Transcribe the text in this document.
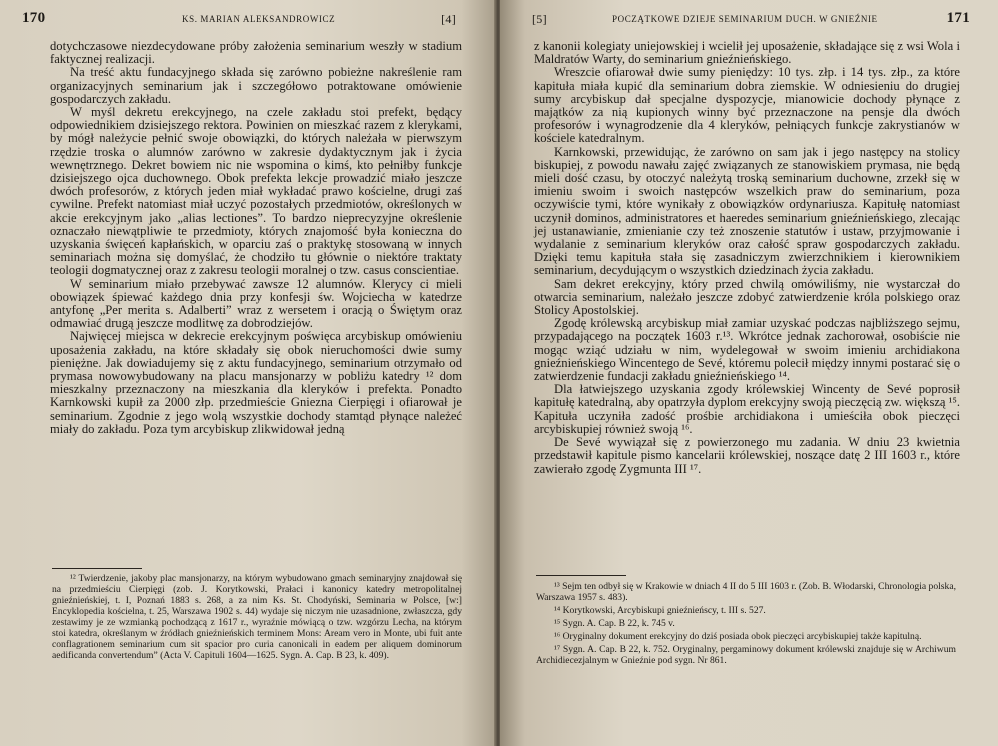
170	KS. MARIAN ALEKSANDROWICZ	[4]

dotychczasowe niezdecydowane próby założenia seminarium weszły w stadium faktycznej realizacji.

Na treść aktu fundacyjnego składa się zarówno pobieżne nakreślenie ram organizacyjnych seminarium jak i szczegółowo potraktowane omówienie gospodarczych zakładu.

W myśl dekretu erekcyjnego, na czele zakładu stoi prefekt, będący odpowiednikiem dzisiejszego rektora. Powinien on mieszkać razem z klerykami, by mógł należycie pełnić swoje obowiązki, do których należała w pierwszym rzędzie troska o alumnów zarówno w zakresie dydaktycznym jak i życia wewnętrznego. Dekret bowiem nic nie wspomina o kimś, kto pełniłby funkcje dzisiejszego ojca duchownego. Obok prefekta lekcje prowadzić miało jeszcze dwóch profesorów, z których jeden miał wykładać prawo kościelne, drugi zaś cywilne. Prefekt natomiast miał uczyć pozostałych przedmiotów, określonych w akcie erekcyjnym jako „alias lectiones”. To bardzo nieprecyzyjne określenie oznaczało niewątpliwie te przedmioty, których znajomość była konieczna do uzyskania święceń kapłańskich, w oparciu zaś o praktykę stosowaną w innych seminariach można się domyślać, że chodziło tu głównie o niektóre traktaty teologii dogmatycznej oraz z zakresu teologii moralnej o tzw. casus conscientiae.

W seminarium miało przebywać zawsze 12 alumnów. Klerycy ci mieli obowiązek śpiewać każdego dnia przy konfesji św. Wojciecha w katedrze antyfonę „Per merita s. Adalberti” wraz z wersetem i oracją o Świętym oraz odmawiać drugą jeszcze modlitwę za dobrodziejów.

Najwięcej miejsca w dekrecie erekcyjnym poświęca arcybiskup omówieniu uposażenia zakładu, na które składały się obok nieruchomości dwie sumy pieniężne. Jak dowiadujemy się z aktu fundacyjnego, seminarium otrzymało od prymasa nowowybudowany na placu mansjonarzy w pobliżu katedry ¹² dom mieszkalny przeznaczony na mieszkania dla kleryków i prefekta. Ponadto Karnkowski kupił za 2000 złp. przedmieście Gniezna Cierpięgi i ofiarował je seminarium. Zgodnie z jego wolą wszystkie dochody stamtąd płynące należeć miały do zakładu. Poza tym arcybiskup zlikwidował jedną

¹² Twierdzenie, jakoby plac mansjonarzy, na którym wybudowano gmach seminaryjny znajdował się na przedmieściu Cierpięgi (zob. J. Korytkowski, Prałaci i kanonicy katedry metropolitalnej gnieźnieńskiej, t. I, Poznań 1883 s. 268, a za nim Ks. St. Chodyński, Seminaria w Polsce, [w:] Encyklopedia kościelna, t. 25, Warszawa 1902 s. 44) wydaje się niczym nie uzasadnione, zwłaszcza, gdy zestawimy je ze wzmianką pochodzącą z 1617 r., wyraźnie mówiącą o tzw. wzgórzu Lecha, na którym stoi katedra, określanym w źródłach gnieźnieńskich terminem Mons: Aream vero in Monte, ubi fuit ante conflagrationem seminarium cum sit spacior pro curia canonicali in eadem per aliquem dominorum aedificanda convertendum” (Acta V. Capituli 1604—1625. Sygn. A. Cap. B 23, k. 409).

[5]	POCZĄTKOWE DZIEJE SEMINARIUM DUCH. W GNIEŹNIE	171

z kanonii kolegiaty uniejowskiej i wcielił jej uposażenie, składające się z wsi Wola i Maldratów Warty, do seminarium gnieźnieńskiego.

Wreszcie ofiarował dwie sumy pieniędzy: 10 tys. złp. i 14 tys. złp., za które kapituła miała kupić dla seminarium dobra ziemskie. W odniesieniu do drugiej sumy arcybiskup dał specjalne dyspozycje, mianowicie dochody płynące z majątków za nią kupionych winny być przeznaczone na pensje dla dwóch profesorów i wynagrodzenie dla 4 kleryków, pełniących funkcje zakrystianów w kościele katedralnym.

Karnkowski, przewidując, że zarówno on sam jak i jego następcy na stolicy biskupiej, z powodu nawału zajęć związanych ze stanowiskiem prymasa, nie będą mieli dość czasu, by otoczyć należytą troską seminarium duchowne, zrzekł się w imieniu swoim i swoich następców wszelkich praw do seminarium, poza oczywiście tymi, które wynikały z obowiązków ordynariusza. Kapitułę natomiast uczynił dominos, administratores et haeredes seminarium gnieźnieńskiego, zlecając jej ustanawianie, zmienianie czy też znoszenie statutów i ustaw, przyjmowanie i wydalanie z seminarium kleryków oraz całość spraw gospodarczych zakładu. Dzięki temu kapituła stała się zasadniczym zwierzchnikiem i kierownikiem seminarium, decydującym o wszystkich dziedzinach życia zakładu.

Sam dekret erekcyjny, który przed chwilą omówiliśmy, nie wystarczał do otwarcia seminarium, należało jeszcze zdobyć zatwierdzenie króla polskiego oraz Stolicy Apostolskiej.

Zgodę królewską arcybiskup miał zamiar uzyskać podczas najbliższego sejmu, przypadającego na początek 1603 r.¹³. Wkrótce jednak zachorował, osobiście nie mogąc wziąć udziału w nim, wydelegował w swoim imieniu archidiakona gnieźnieńskiego Wincentego de Sevé, któremu polecił między innymi postarać się o zatwierdzenie fundacji zakładu gnieźnieńskiego ¹⁴.

Dla łatwiejszego uzyskania zgody królewskiej Wincenty de Sevé poprosił kapitułę katedralną, aby opatrzyła dyplom erekcyjny swoją pieczęcią zw. większą ¹⁵. Kapituła uczyniła zadość prośbie archidiakona i umieściła obok pieczęci arcybiskupiej również swoją ¹⁶.

De Sevé wywiązał się z powierzonego mu zadania. W dniu 23 kwietnia przedstawił kapitule pismo kancelarii królewskiej, noszące datę 2 III 1603 r., które zawierało zgodę Zygmunta III ¹⁷.

¹³ Sejm ten odbył się w Krakowie w dniach 4 II do 5 III 1603 r. (Zob. B. Włodarski, Chronologia polska, Warszawa 1957 s. 483).

¹⁴ Korytkowski, Arcybiskupi gnieźnieńscy, t. III s. 527.

¹⁵ Sygn. A. Cap. B 22, k. 745 v.

¹⁶ Oryginalny dokument erekcyjny do dziś posiada obok pieczęci arcybiskupiej także kapitulną.

¹⁷ Sygn. A. Cap. B 22, k. 752. Oryginalny, pergaminowy dokument królewski znajduje się w Archiwum Archidiecezjalnym w Gnieźnie pod sygn. Nr 861.
